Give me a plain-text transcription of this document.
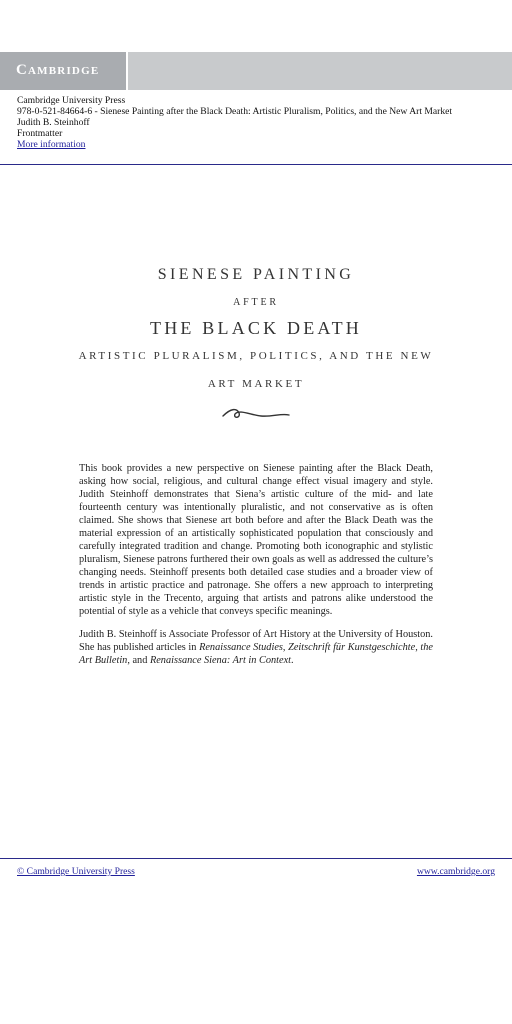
Cambridge
Cambridge University Press
978-0-521-84664-6 - Sienese Painting after the Black Death: Artistic Pluralism, Politics, and the New Art Market
Judith B. Steinhoff
Frontmatter
More information
SIENESE PAINTING
AFTER
THE BLACK DEATH
ARTISTIC PLURALISM, POLITICS, AND THE NEW
ART MARKET

This book provides a new perspective on Sienese painting after the Black Death, asking how social, religious, and cultural change effect visual imagery and style. Judith Steinhoff demonstrates that Siena’s artistic culture of the mid- and late fourteenth century was intentionally pluralistic, and not conservative as is often claimed. She shows that Sienese art both before and after the Black Death was the material expression of an artistically sophisticated population that consciously and carefully integrated tradition and change. Promoting both iconographic and stylistic pluralism, Sienese patrons furthered their own goals as well as addressed the culture’s changing needs. Steinhoff presents both detailed case studies and a broader view of trends in artistic practice and patronage. She offers a new approach to interpreting artistic style in the Trecento, arguing that artists and patrons alike understood the potential of style as a vehicle that conveys specific meanings.

Judith B. Steinhoff is Associate Professor of Art History at the University of Houston. She has published articles in Renaissance Studies, Zeitschrift für Kunstgeschichte, the Art Bulletin, and Renaissance Siena: Art in Context.

© Cambridge University Press	www.cambridge.org
